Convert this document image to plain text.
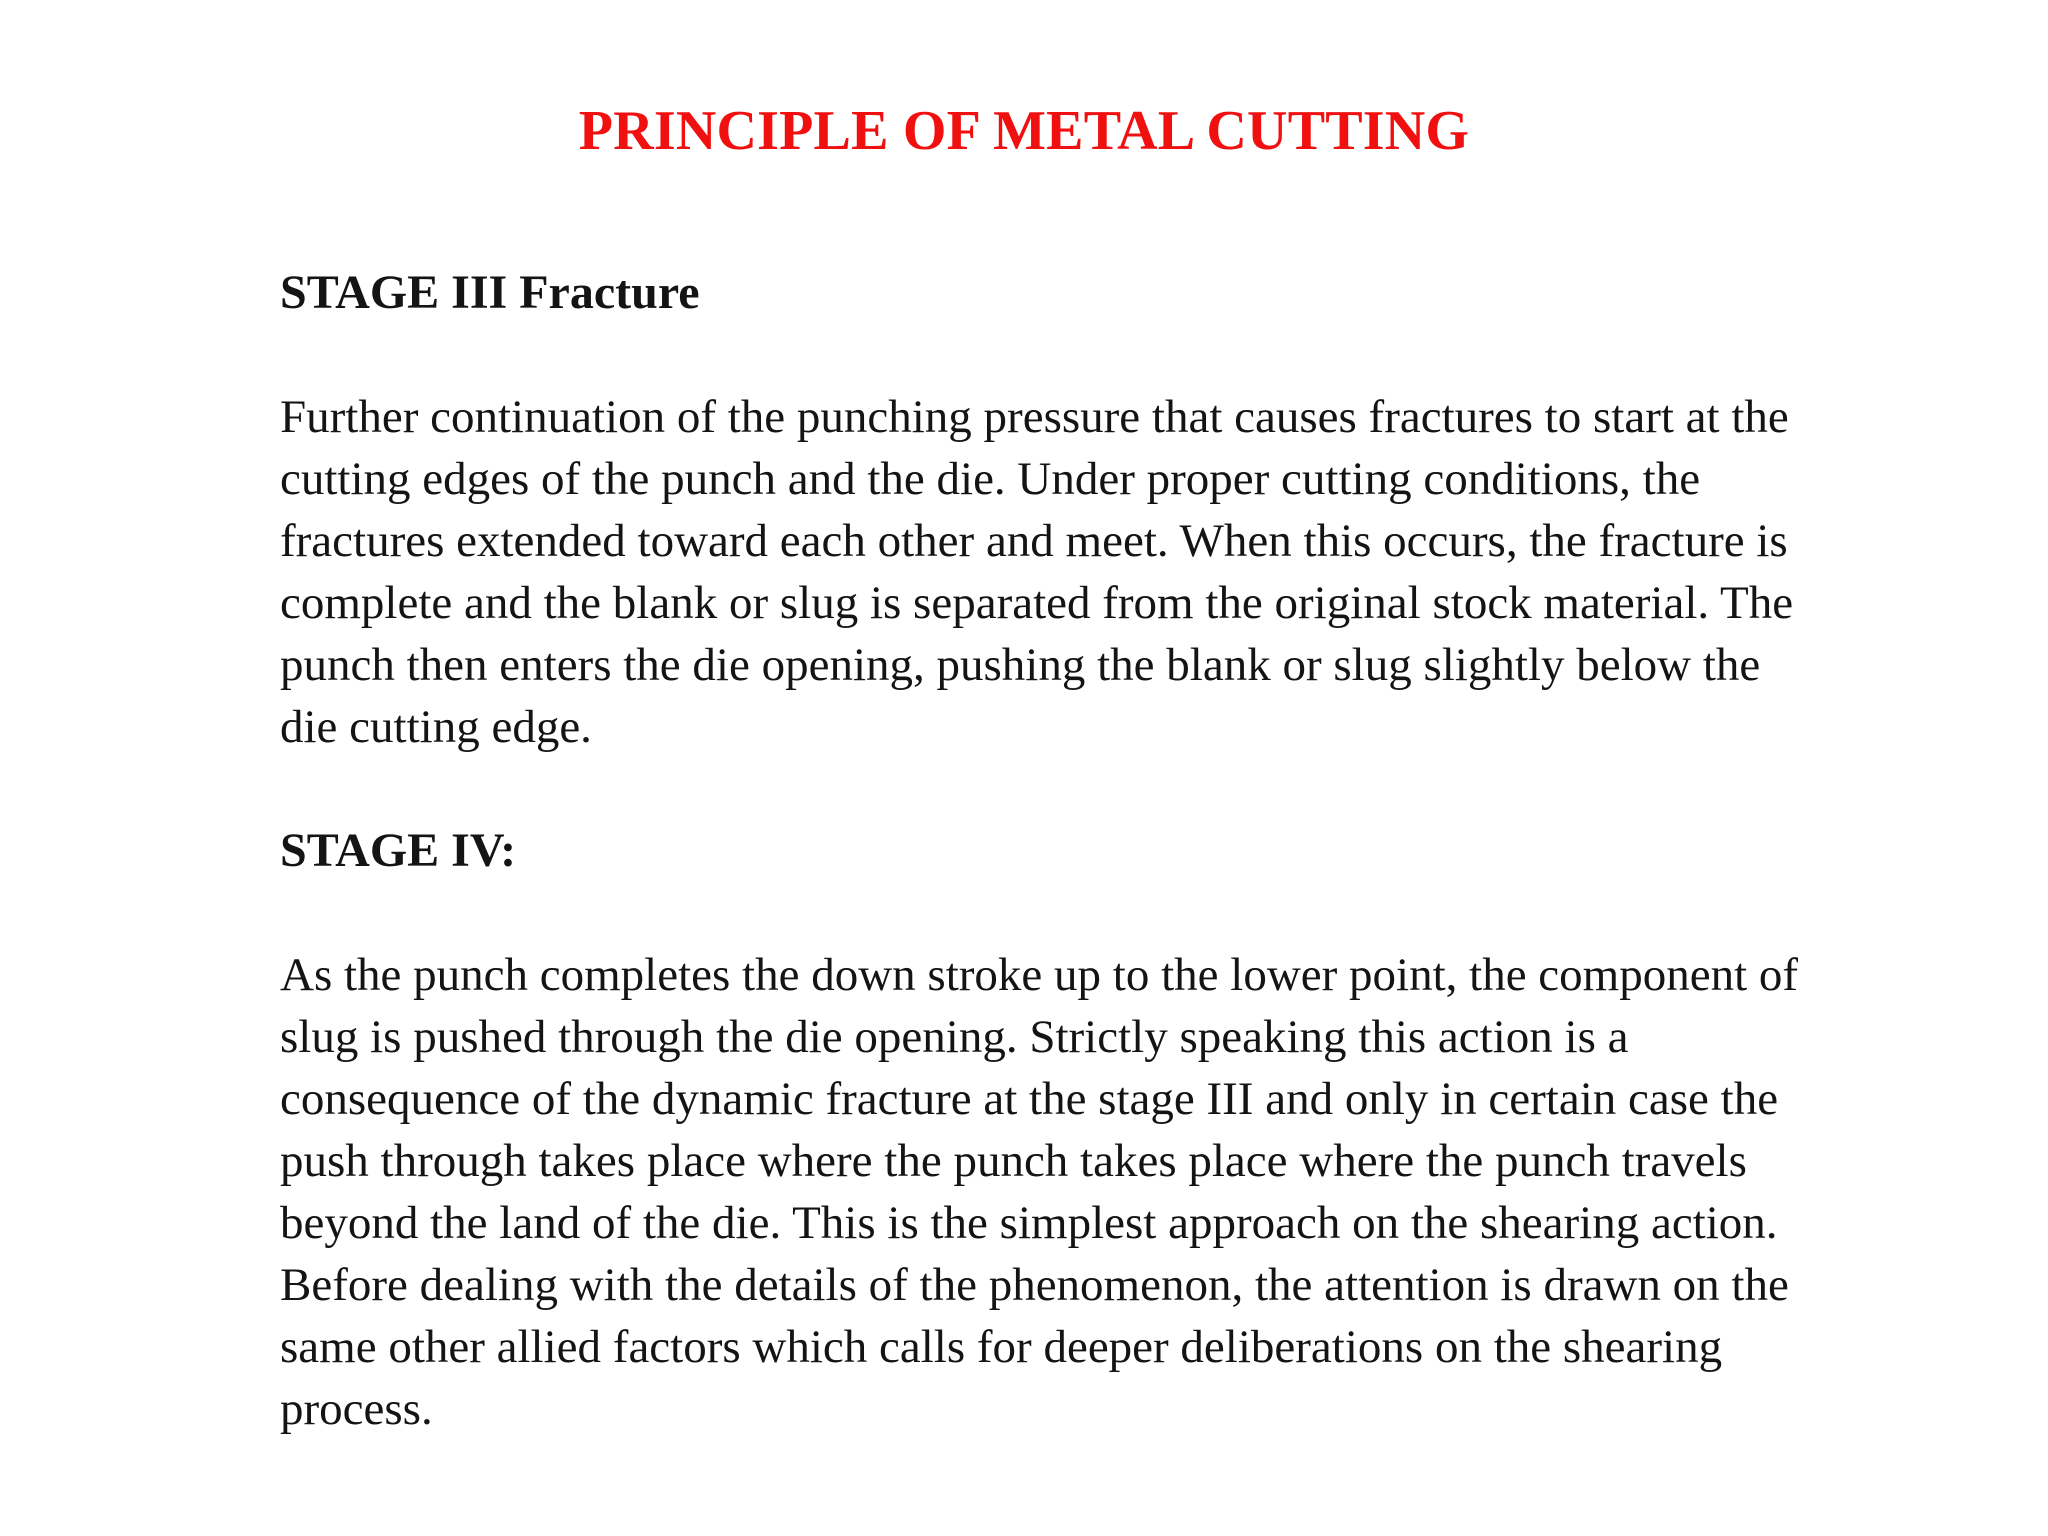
PRINCIPLE OF METAL CUTTING
STAGE III Fracture

Further continuation of the punching pressure that causes fractures to start at the
cutting edges of the punch and the die. Under proper cutting conditions, the
fractures extended toward each other and meet. When this occurs, the fracture is
complete and the blank or slug is separated from the original stock material. The
punch then enters the die opening, pushing the blank or slug slightly below the
die cutting edge.

STAGE IV:

As the punch completes the down stroke up to the lower point, the component of
slug is pushed through the die opening. Strictly speaking this action is a
consequence of the dynamic fracture at the stage III and only in certain case the
push through takes place where the punch takes place where the punch travels
beyond the land of the die. This is the simplest approach on the shearing action.
Before dealing with the details of the phenomenon, the attention is drawn on the
same other allied factors which calls for deeper deliberations on the shearing
process.
